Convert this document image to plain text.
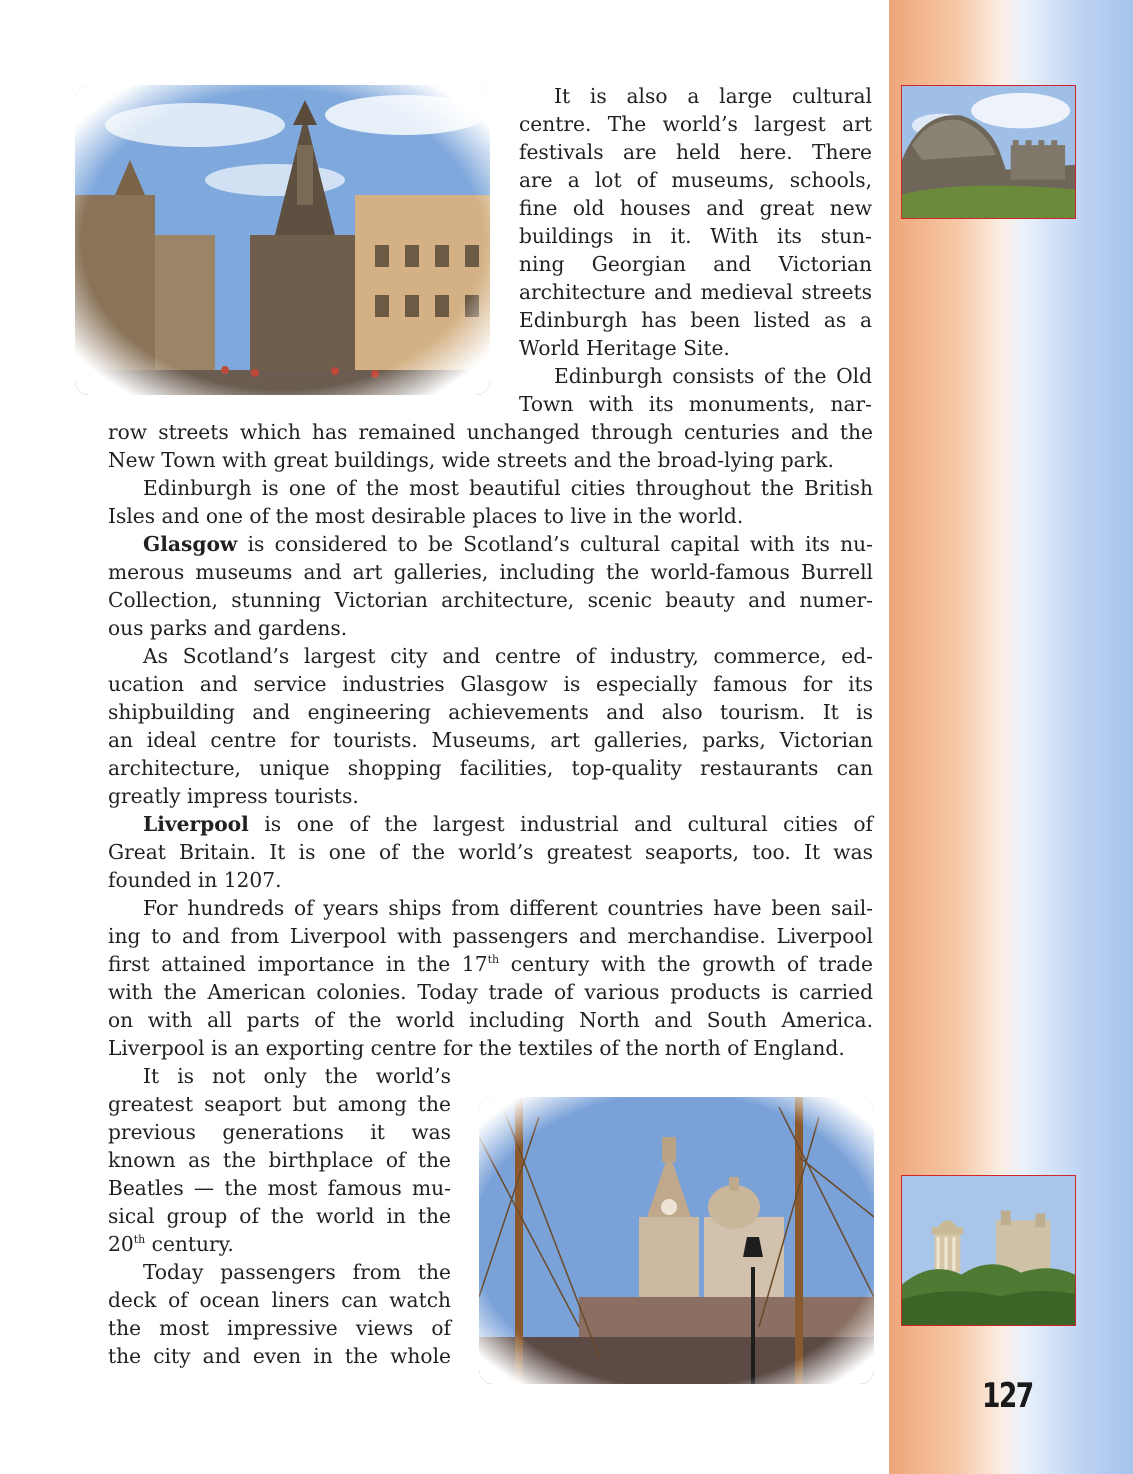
127
It is also a large cultural
centre. The world’s largest art
festivals are held here. There
are a lot of museums, schools,
fine old houses and great new
buildings in it. With its stun-
ning Georgian and Victorian
architecture and medieval streets
Edinburgh has been listed as a
World Heritage Site.
Edinburgh consists of the Old
Town with its monuments, nar-
row streets which has remained unchanged through centuries and the
New Town with great buildings, wide streets and the broad-lying park.
Edinburgh is one of the most beautiful cities throughout the British
Isles and one of the most desirable places to live in the world.
Glasgow is considered to be Scotland’s cultural capital with its nu-
merous museums and art galleries, including the world-famous Burrell
Collection, stunning Victorian architecture, scenic beauty and numer-
ous parks and gardens.
As Scotland’s largest city and centre of industry, commerce, ed-
ucation and service industries Glasgow is especially famous for its
shipbuilding and engineering achievements and also tourism. It is
an ideal centre for tourists. Museums, art galleries, parks, Victorian
architecture, unique shopping facilities, top-quality restaurants can
greatly impress tourists.
Liverpool is one of the largest industrial and cultural cities of
Great Britain. It is one of the world’s greatest seaports, too. It was
founded in 1207.
For hundreds of years ships from different countries have been sail-
ing to and from Liverpool with passengers and merchandise. Liverpool
first attained importance in the 17th century with the growth of trade
with the American colonies. Today trade of various products is carried
on with all parts of the world including North and South America.
Liverpool is an exporting centre for the textiles of the north of England.
It is not only the world’s
greatest seaport but among the
previous generations it was
known as the birthplace of the
Beatles — the most famous mu-
sical group of the world in the
20th century.
Today passengers from the
deck of ocean liners can watch
the most impressive views of
the city and even in the whole
